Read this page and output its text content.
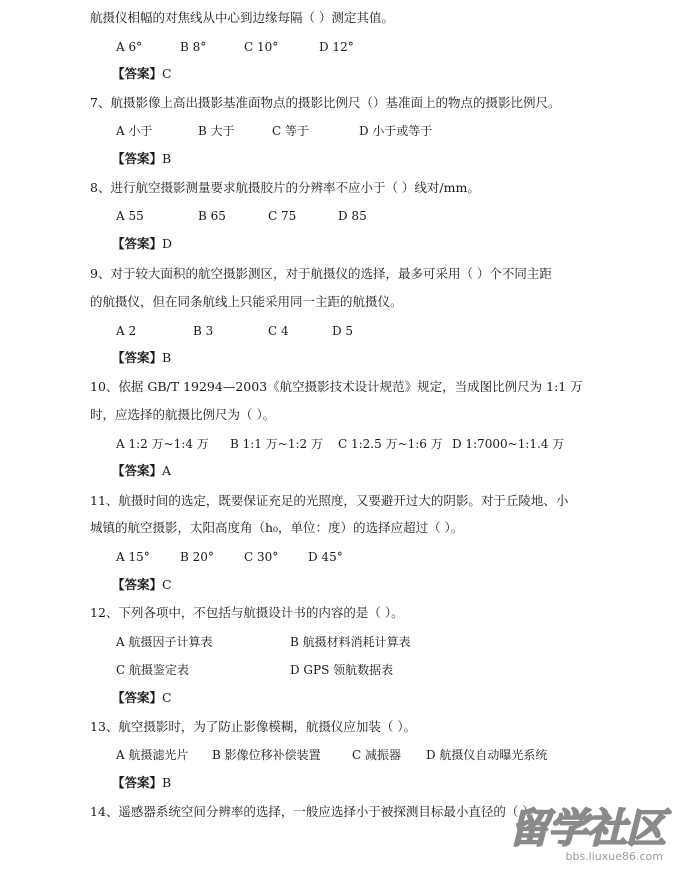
航摄仪相幅的对焦线从中心到边缘每隔（ ）测定其值。
A 6°	B 8°	C 10°	D 12°
【答案】C
7、航摄影像上高出摄影基准面物点的摄影比例尺（）基准面上的物点的摄影比例尺。
A 小于	B 大于	C 等于	D 小于或等于
【答案】B
8、进行航空摄影测量要求航摄胶片的分辨率不应小于（ ）线对/mm。
A 55	B 65	C 75	D 85
【答案】D
9、对于较大面积的航空摄影测区，对于航摄仪的选择，最多可采用（ ）个不同主距
的航摄仪，但在同条航线上只能采用同一主距的航摄仪。
A 2	B 3	C 4	D 5
【答案】B
10、依据 GB/T 19294—2003《航空摄影技术设计规范》规定，当成图比例尺为 1:1 万
时，应选择的航摄比例尺为（ ）。
A 1:2 万~1:4 万 B 1:1 万~1:2 万 C 1:2.5 万~1:6 万 D 1:7000~1:1.4 万
【答案】A
11、航摄时间的选定，既要保证充足的光照度，又要避开过大的阴影。对于丘陵地、小
城镇的航空摄影，太阳高度角（h₀，单位：度）的选择应超过（ ）。
A 15°	B 20°	C 30° D 45°
【答案】C
12、下列各项中，不包括与航摄设计书的内容的是（ ）。
A 航摄因子计算表	B 航摄材料消耗计算表
C 航摄鉴定表	D GPS 领航数据表
【答案】C
13、航空摄影时，为了防止影像模糊，航摄仪应加装（ ）。
A 航摄滤光片 B 影像位移补偿装置	C 减振器 D 航摄仪自动曝光系统
【答案】B
14、遥感器系统空间分辨率的选择，一般应选择小于被探测目标最小直径的（ ）。
留学社区
bbs.liuxue86.com
